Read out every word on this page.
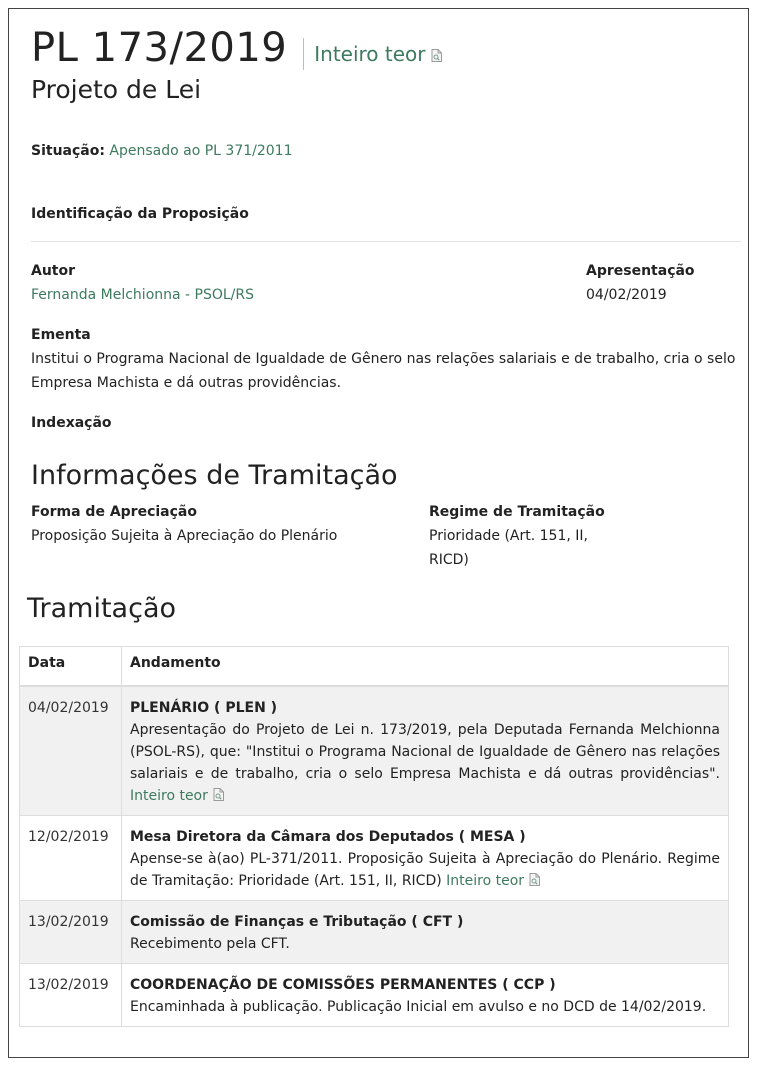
PL 173/2019 Inteiro teor
Projeto de Lei
Situação: Apensado ao PL 371/2011
Identificação da Proposição
Autor
Fernanda Melchionna - PSOL/RS
Apresentação
04/02/2019
Ementa
Institui o Programa Nacional de Igualdade de Gênero nas relações salariais e de trabalho, cria o selo Empresa Machista e dá outras providências.
Indexação
Informações de Tramitação
Forma de Apreciação
Proposição Sujeita à Apreciação do Plenário
Regime de Tramitação
Prioridade (Art. 151, II, RICD)
Tramitação
Data	Andamento
04/02/2019	PLENÁRIO ( PLEN )
Apresentação do Projeto de Lei n. 173/2019, pela Deputada Fernanda Melchionna (PSOL-RS), que: "Institui o Programa Nacional de Igualdade de Gênero nas relações salariais e de trabalho, cria o selo Empresa Machista e dá outras providências". Inteiro teor

12/02/2019	Mesa Diretora da Câmara dos Deputados ( MESA )
Apense-se à(ao) PL-371/2011. Proposição Sujeita à Apreciação do Plenário. Regime de Tramitação: Prioridade (Art. 151, II, RICD) Inteiro teor

13/02/2019	Comissão de Finanças e Tributação ( CFT )
Recebimento pela CFT.

13/02/2019	COORDENAÇÃO DE COMISSÕES PERMANENTES ( CCP )
Encaminhada à publicação. Publicação Inicial em avulso e no DCD de 14/02/2019.
